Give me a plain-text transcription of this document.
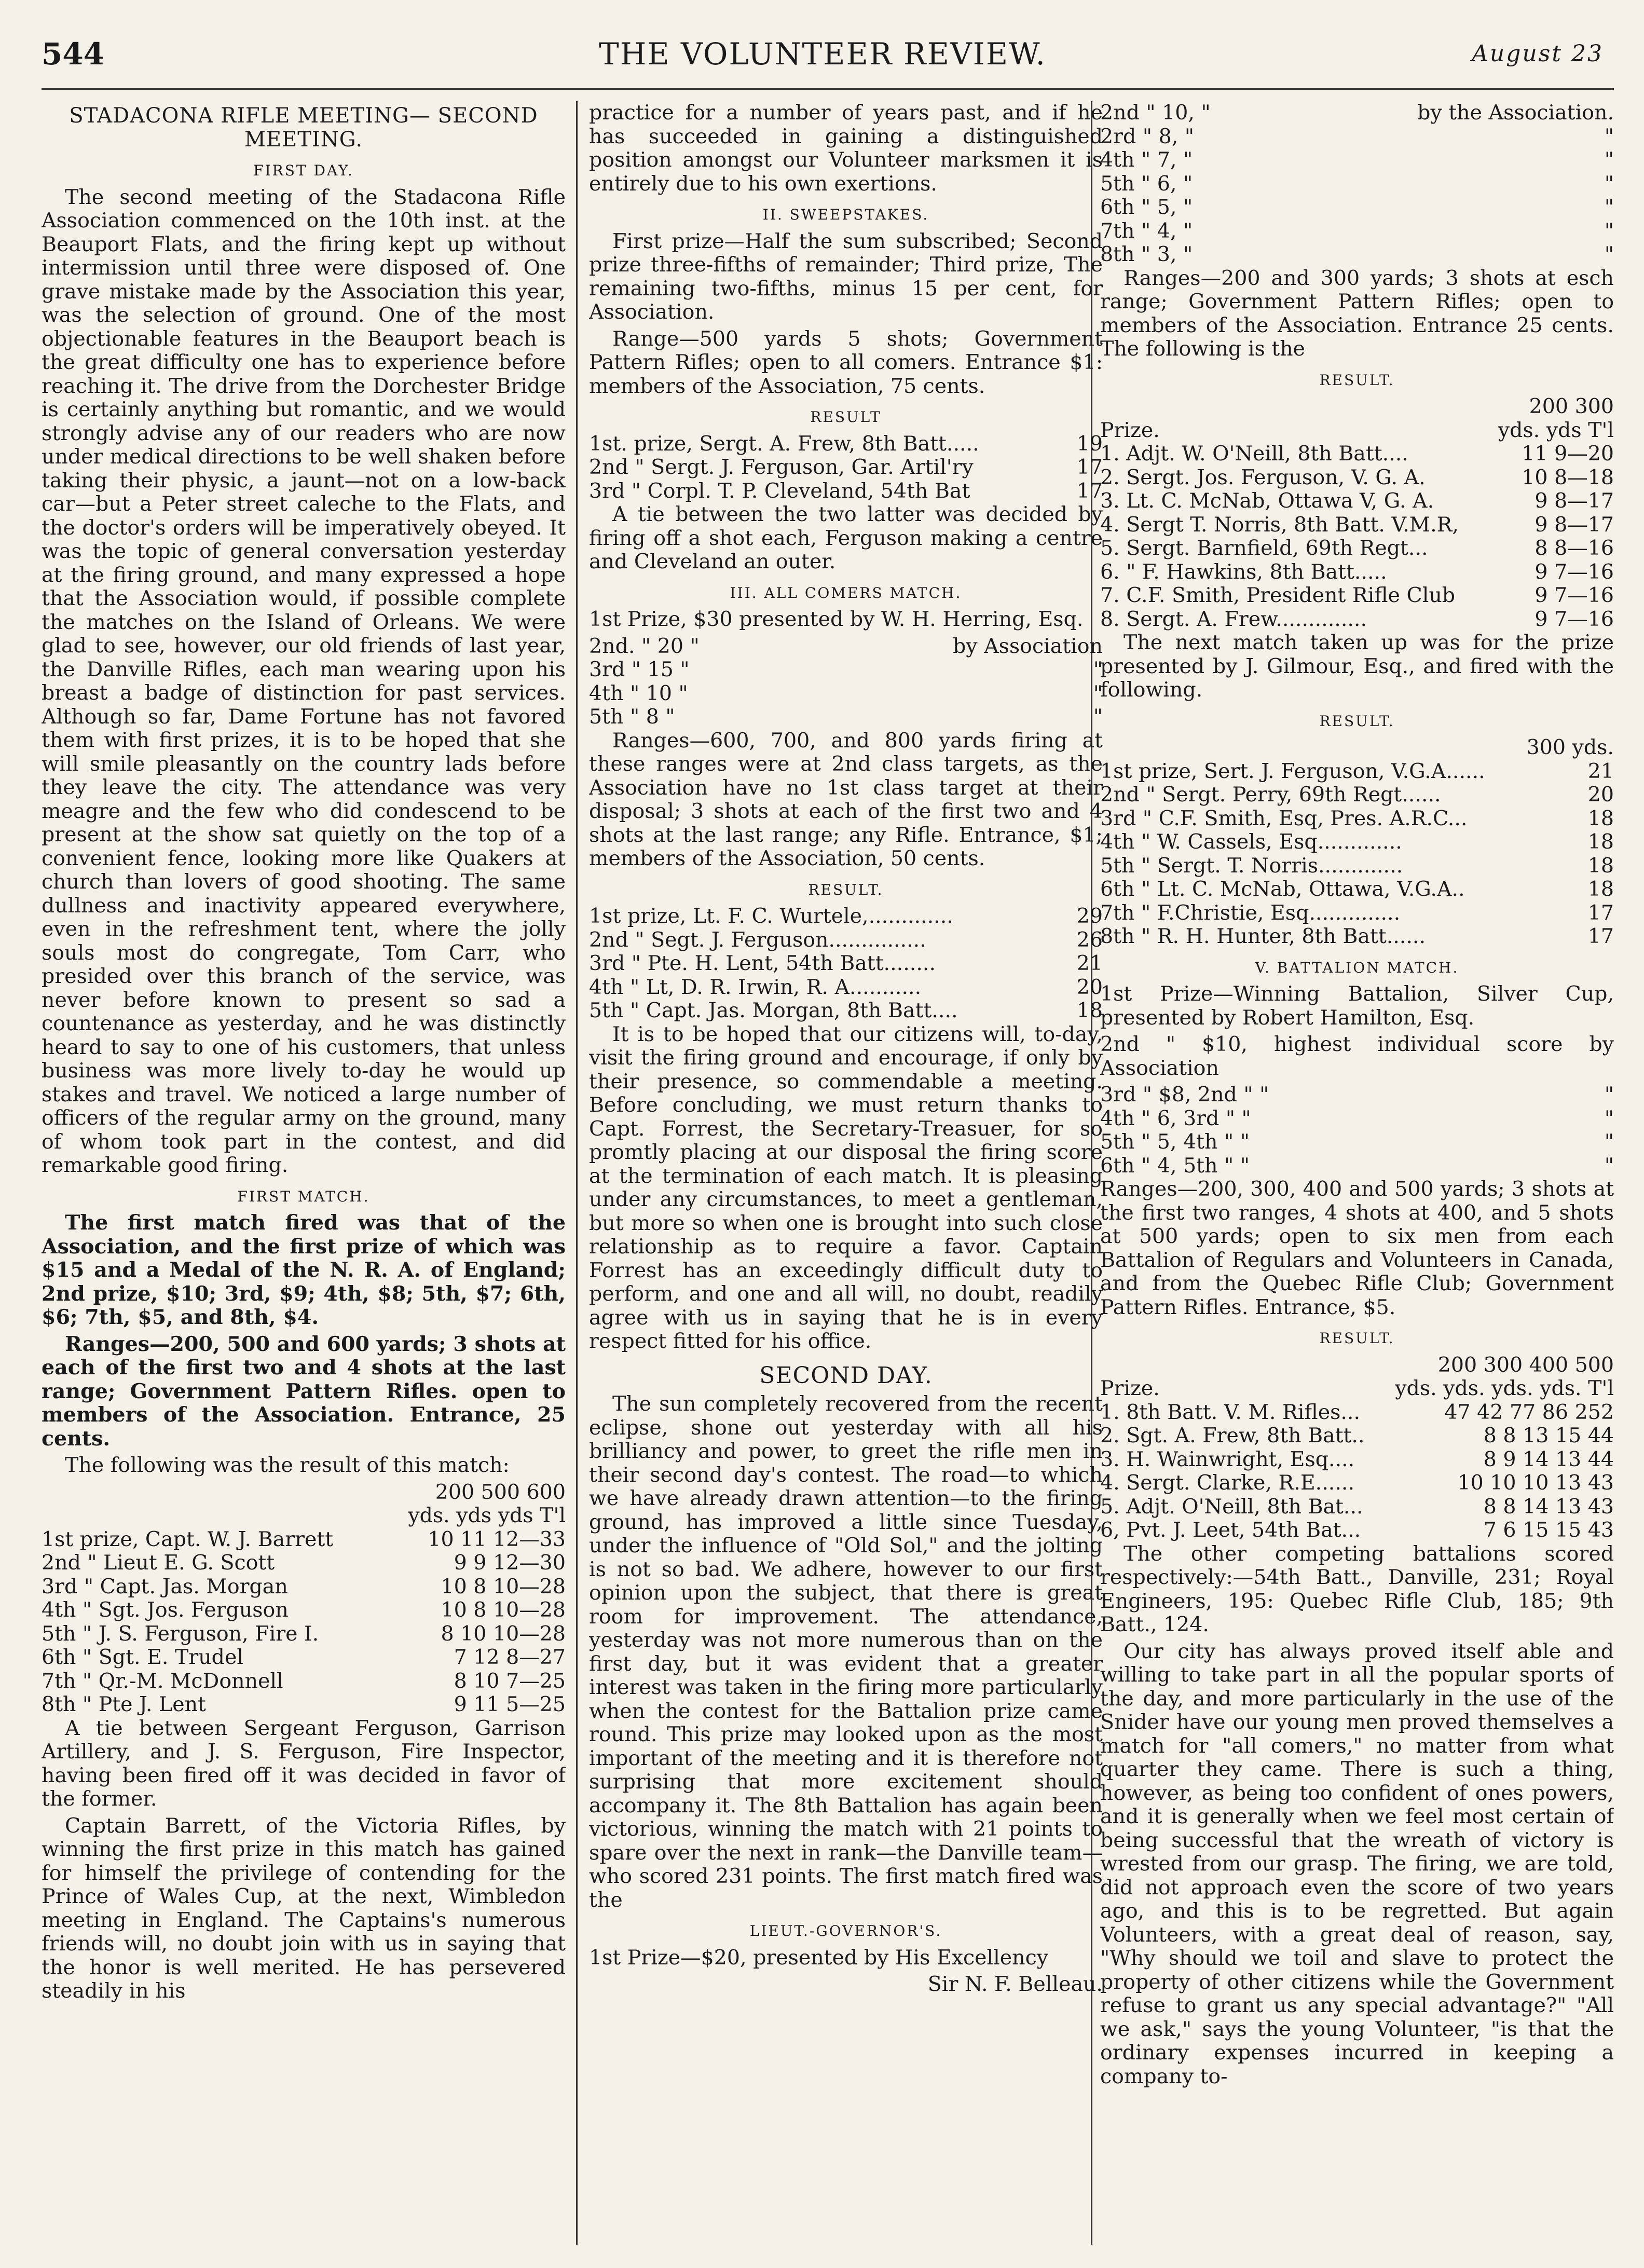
544	THE VOLUNTEER REVIEW.	August 23
STADACONA RIFLE MEETING— SECOND MEETING.
FIRST DAY.

The second meeting of the Stadacona Rifle Association commenced on the 10th inst. at the Beauport Flats, and the firing kept up without intermission until three were disposed of. One grave mistake made by the Association this year, was the selection of ground. One of the most objectionable features in the Beauport beach is the great difficulty one has to experience before reaching it. The drive from the Dorchester Bridge is certainly anything but romantic, and we would strongly advise any of our readers who are now under medical directions to be well shaken before taking their physic, a jaunt—not on a low-back car—but a Peter street caleche to the Flats, and the doctor's orders will be imperatively obeyed. It was the topic of general conversation yesterday at the firing ground, and many expressed a hope that the Association would, if possible complete the matches on the Island of Orleans. We were glad to see, however, our old friends of last year, the Danville Rifles, each man wearing upon his breast a badge of distinction for past services. Although so far, Dame Fortune has not favored them with first prizes, it is to be hoped that she will smile pleasantly on the country lads before they leave the city. The attendance was very meagre and the few who did condescend to be present at the show sat quietly on the top of a convenient fence, looking more like Quakers at church than lovers of good shooting. The same dullness and inactivity appeared everywhere, even in the refreshment tent, where the jolly souls most do congregate, Tom Carr, who presided over this branch of the service, was never before known to present so sad a countenance as yesterday, and he was distinctly heard to say to one of his customers, that unless business was more lively to-day he would up stakes and travel. We noticed a large number of officers of the regular army on the ground, many of whom took part in the contest, and did remarkable good firing.

FIRST MATCH.

The first match fired was that of the Association, and the first prize of which was $15 and a Medal of the N. R. A. of England; 2nd prize, $10; 3rd, $9; 4th, $8; 5th, $7; 6th, $6; 7th, $5, and 8th, $4.

Ranges—200, 500 and 600 yards; 3 shots at each of the first two and 4 shots at the last range; Government Pattern Rifles. open to members of the Association. Entrance, 25 cents.

The following was the result of this match:

200 500 600
yds. yds yds T'l
1st prize, Capt. W. J. Barrett	10 11 12—33
2nd " Lieut E. G. Scott	9 9 12—30
3rd " Capt. Jas. Morgan	10 8 10—28
4th " Sgt. Jos. Ferguson	10 8 10—28
5th " J. S. Ferguson, Fire I.	8 10 10—28
6th " Sgt. E. Trudel	7 12 8—27
7th " Qr.-M. McDonnell	8 10 7—25
8th " Pte J. Lent	9 11 5—25

A tie between Sergeant Ferguson, Garrison Artillery, and J. S. Ferguson, Fire Inspector, having been fired off it was decided in favor of the former.

Captain Barrett, of the Victoria Rifles, by winning the first prize in this match has gained for himself the privilege of contending for the Prince of Wales Cup, at the next, Wimbledon meeting in England. The Captains's numerous friends will, no doubt join with us in saying that the honor is well merited. He has persevered steadily in his

practice for a number of years past, and if he has succeeded in gaining a distinguished position amongst our Volunteer marksmen it is entirely due to his own exertions.

II. SWEEPSTAKES.

First prize—Half the sum subscribed; Second prize three-fifths of remainder; Third prize, The remaining two-fifths, minus 15 per cent, for Association.

Range—500 yards 5 shots; Government Pattern Rifles; open to all comers. Entrance $1: members of the Association, 75 cents.

RESULT
1st. prize, Sergt. A. Frew, 8th Batt.....	19
2nd " Sergt. J. Ferguson, Gar. Artil'ry	17
3rd " Corpl. T. P. Cleveland, 54th Bat	17

A tie between the two latter was decided by firing off a shot each, Ferguson making a centre and Cleveland an outer.

III. ALL COMERS MATCH.

1st Prize, $30 presented by W. H. Herring, Esq.

2nd. " 20 "	by Association
3rd " 15 "	"
4th " 10 "	"
5th " 8 "	"

Ranges—600, 700, and 800 yards firing at these ranges were at 2nd class targets, as the Association have no 1st class target at their disposal; 3 shots at each of the first two and 4 shots at the last range; any Rifle. Entrance, $1; members of the Association, 50 cents.

RESULT.
1st prize, Lt. F. C. Wurtele,.............	29
2nd " Segt. J. Ferguson...............	26
3rd " Pte. H. Lent, 54th Batt........	21
4th " Lt, D. R. Irwin, R. A...........	20
5th " Capt. Jas. Morgan, 8th Batt....	18

It is to be hoped that our citizens will, to-day, visit the firing ground and encourage, if only by their presence, so commendable a meeting. Before concluding, we must return thanks to Capt. Forrest, the Secretary-Treasuer, for so promtly placing at our disposal the firing score at the termination of each match. It is pleasing under any circumstances, to meet a gentleman, but more so when one is brought into such close relationship as to require a favor. Captain Forrest has an exceedingly difficult duty to perform, and one and all will, no doubt, readily agree with us in saying that he is in every respect fitted for his office.

SECOND DAY.

The sun completely recovered from the recent eclipse, shone out yesterday with all his brilliancy and power, to greet the rifle men in their second day's contest. The road—to which we have already drawn attention—to the firing ground, has improved a little since Tuesday, under the influence of "Old Sol," and the jolting is not so bad. We adhere, however to our first opinion upon the subject, that there is great room for improvement. The attendance, yesterday was not more numerous than on the first day, but it was evident that a greater interest was taken in the firing more particularly when the contest for the Battalion prize came round. This prize may looked upon as the most important of the meeting and it is therefore not surprising that more excitement should accompany it. The 8th Battalion has again been victorious, winning the match with 21 points to spare over the next in rank—the Danville team—who scored 231 points. The first match fired was the

LIEUT.-GOVERNOR'S.

1st Prize—$20, presented by His Excellency

Sir N. F. Belleau.
2nd " 10, "	by the Association.
2rd " 8, "	"
4th " 7, "	"
5th " 6, "	"
6th " 5, "	"
7th " 4, "	"
8th " 3, "	"

Ranges—200 and 300 yards; 3 shots at esch range; Government Pattern Rifles; open to members of the Association. Entrance 25 cents. The following is the

RESULT.
200 300
Prize.	yds. yds T'l
1. Adjt. W. O'Neill, 8th Batt....	11 9—20
2. Sergt. Jos. Ferguson, V. G. A.	10 8—18
3. Lt. C. McNab, Ottawa V, G. A.	9 8—17
4. Sergt T. Norris, 8th Batt. V.M.R,	9 8—17
5. Sergt. Barnfield, 69th Regt...	8 8—16
6. " F. Hawkins, 8th Batt.....	9 7—16
7. C.F. Smith, President Rifle Club	9 7—16
8. Sergt. A. Frew..............	9 7—16

The next match taken up was for the prize presented by J. Gilmour, Esq., and fired with the following.

RESULT.
300 yds.
1st prize, Sert. J. Ferguson, V.G.A......	21
2nd " Sergt. Perry, 69th Regt......	20
3rd " C.F. Smith, Esq, Pres. A.R.C...	18
4th " W. Cassels, Esq.............	18
5th " Sergt. T. Norris.............	18
6th " Lt. C. McNab, Ottawa, V.G.A..	18
7th " F.Christie, Esq..............	17
8th " R. H. Hunter, 8th Batt......	17
V. BATTALION MATCH.

1st Prize—Winning Battalion, Silver Cup, presented by Robert Hamilton, Esq.

2nd " $10, highest individual score by Association

3rd " $8, 2nd " "	"
4th " 6, 3rd " "	"
5th " 5, 4th " "	"
6th " 4, 5th " "	"

Ranges—200, 300, 400 and 500 yards; 3 shots at the first two ranges, 4 shots at 400, and 5 shots at 500 yards; open to six men from each Battalion of Regulars and Volunteers in Canada, and from the Quebec Rifle Club; Government Pattern Rifles. Entrance, $5.

RESULT.
200 300 400 500
Prize.	yds. yds. yds. yds. T'l
1. 8th Batt. V. M. Rifles...	47 42 77 86 252
2. Sgt. A. Frew, 8th Batt..	8 8 13 15 44
3. H. Wainwright, Esq....	8 9 14 13 44
4. Sergt. Clarke, R.E......	10 10 10 13 43
5. Adjt. O'Neill, 8th Bat...	8 8 14 13 43
6, Pvt. J. Leet, 54th Bat...	7 6 15 15 43

The other competing battalions scored respectively:—54th Batt., Danville, 231; Royal Engineers, 195: Quebec Rifle Club, 185; 9th Batt., 124.

Our city has always proved itself able and willing to take part in all the popular sports of the day, and more particularly in the use of the Snider have our young men proved themselves a match for "all comers," no matter from what quarter they came. There is such a thing, however, as being too confident of ones powers, and it is generally when we feel most certain of being successful that the wreath of victory is wrested from our grasp. The firing, we are told, did not approach even the score of two years ago, and this is to be regretted. But again Volunteers, with a great deal of reason, say, "Why should we toil and slave to protect the property of other citizens while the Government refuse to grant us any special advantage?" "All we ask," says the young Volunteer, "is that the ordinary expenses incurred in keeping a company to-
